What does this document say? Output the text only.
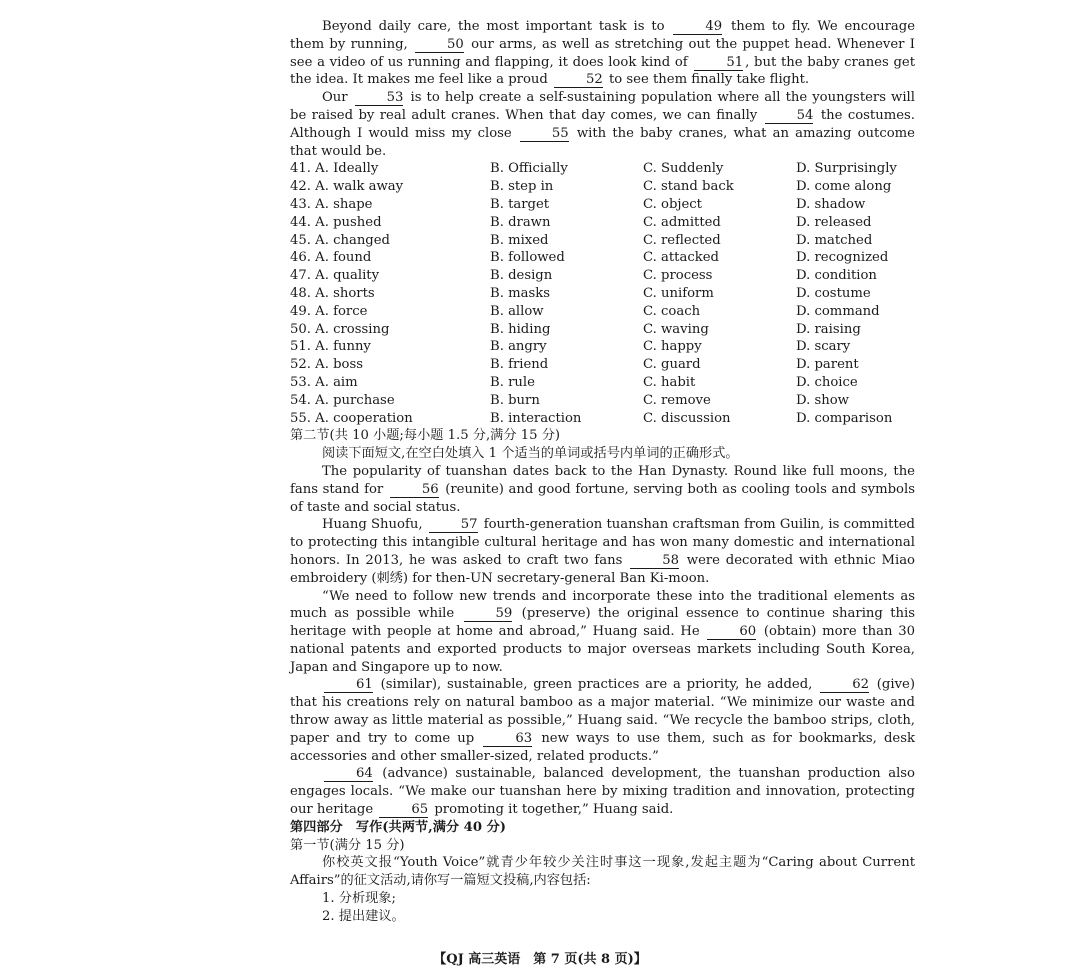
Beyond daily care, the most important task is to	49 them to fly. We encourage them by running,	50 our arms, as well as stretching out the puppet head. Whenever I see a video of us running and flapping, it does look kind of	51 , but the baby cranes get the idea. It makes me feel like a proud	52 to see them finally take flight.

Our	53 is to help create a self-sustaining population where all the youngsters will be raised by real adult cranes. When that day comes, we can finally	54 the costumes. Although I would miss my close	55 with the baby cranes, what an amazing outcome that would be.

41. A. Ideally	B. Officially	C. Suddenly	D. Surprisingly
42. A. walk away	B. step in	C. stand back	D. come along
43. A. shape	B. target	C. object	D. shadow
44. A. pushed	B. drawn	C. admitted	D. released
45. A. changed	B. mixed	C. reflected	D. matched
46. A. found	B. followed	C. attacked	D. recognized
47. A. quality	B. design	C. process	D. condition
48. A. shorts	B. masks	C. uniform	D. costume
49. A. force	B. allow	C. coach	D. command
50. A. crossing	B. hiding	C. waving	D. raising
51. A. funny	B. angry	C. happy	D. scary
52. A. boss	B. friend	C. guard	D. parent
53. A. aim	B. rule	C. habit	D. choice
54. A. purchase	B. burn	C. remove	D. show
55. A. cooperation	B. interaction	C. discussion	D. comparison

第二节(共 10 小题;每小题 1.5 分,满分 15 分)

阅读下面短文,在空白处填入 1 个适当的单词或括号内单词的正确形式。

The popularity of tuanshan dates back to the Han Dynasty. Round like full moons, the fans stand for	56 (reunite) and good fortune, serving both as cooling tools and symbols of taste and social status.

Huang Shuofu,	57 fourth-generation tuanshan craftsman from Guilin, is committed to protecting this intangible cultural heritage and has won many domestic and international honors. In 2013, he was asked to craft two fans	58 were decorated with ethnic Miao embroidery (刺绣) for then-UN secretary-general Ban Ki-moon.

“We need to follow new trends and incorporate these into the traditional elements as much as possible while	59 (preserve) the original essence to continue sharing this heritage with people at home and abroad,” Huang said. He	60 (obtain) more than 30 national patents and exported products to major overseas markets including South Korea, Japan and Singapore up to now.

61 (similar), sustainable, green practices are a priority, he added,	62 (give) that his creations rely on natural bamboo as a major material. “We minimize our waste and throw away as little material as possible,” Huang said. “We recycle the bamboo strips, cloth, paper and try to come up	63 new ways to use them, such as for bookmarks, desk accessories and other smaller-sized, related products.”

64 (advance) sustainable, balanced development, the tuanshan production also engages locals. “We make our tuanshan here by mixing tradition and innovation, protecting our heritage	65 promoting it together,” Huang said.

第四部分　写作(共两节,满分 40 分)

第一节(满分 15 分)

你校英文报“Youth Voice”就青少年较少关注时事这一现象,发起主题为“Caring about Current Affairs”的征文活动,请你写一篇短文投稿,内容包括:

1. 分析现象;

2. 提出建议。

【QJ 高三英语　第 7 页(共 8 页)】
